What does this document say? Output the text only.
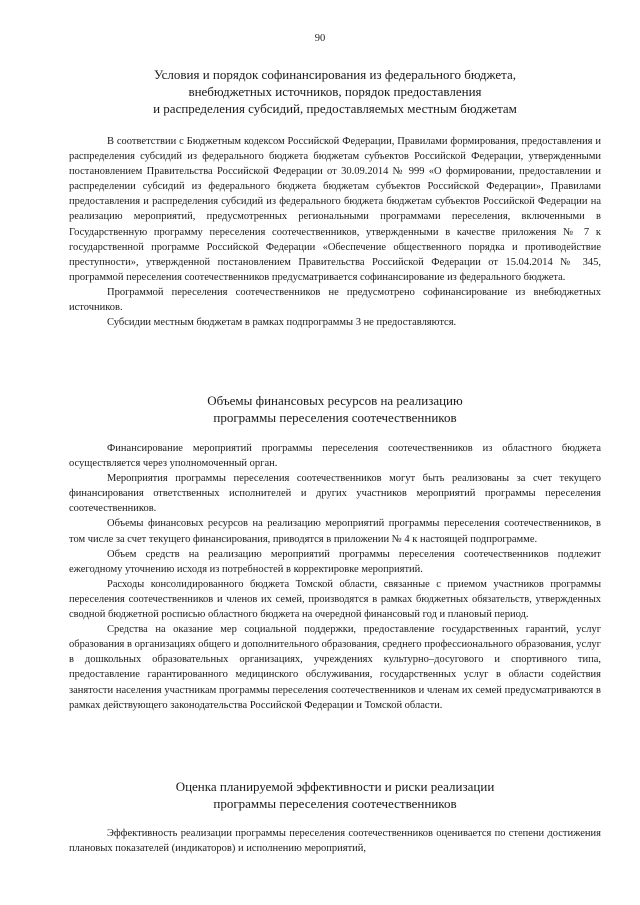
90
Условия и порядок софинансирования из федерального бюджета,
внебюджетных источников, порядок предоставления
и распределения субсидий, предоставляемых местным бюджетам

В соответствии с Бюджетным кодексом Российской Федерации, Правилами формирования, предоставления и распределения субсидий из федерального бюджета бюджетам субъектов Российской Федерации, утвержденными постановлением Правительства Российской Федерации от 30.09.2014 № 999 «О формировании, предоставлении и распределении субсидий из федерального бюджета бюджетам субъектов Российской Федерации», Правилами предоставления и распределения субсидий из федерального бюджета бюджетам субъектов Российской Федерации на реализацию мероприятий, предусмотренных региональными программами переселения, включенными в Государственную программу переселения соотечественников, утвержденными в качестве приложения № 7 к государственной программе Российской Федерации «Обеспечение общественного порядка и противодействие преступности», утвержденной постановлением Правительства Российской Федерации от 15.04.2014 № 345, программой переселения соотечественников предусматривается софинансирование из федерального бюджета.

Программой переселения соотечественников не предусмотрено софинансирование из внебюджетных источников.

Субсидии местным бюджетам в рамках подпрограммы 3 не предоставляются.

Объемы финансовых ресурсов на реализацию
программы переселения соотечественников

Финансирование мероприятий программы переселения соотечественников из областного бюджета осуществляется через уполномоченный орган.

Мероприятия программы переселения соотечественников могут быть реализованы за счет текущего финансирования ответственных исполнителей и других участников мероприятий программы переселения соотечественников.

Объемы финансовых ресурсов на реализацию мероприятий программы переселения соотечественников, в том числе за счет текущего финансирования, приводятся в приложении № 4 к настоящей подпрограмме.

Объем средств на реализацию мероприятий программы переселения соотечественников подлежит ежегодному уточнению исходя из потребностей в корректировке мероприятий.

Расходы консолидированного бюджета Томской области, связанные с приемом участников программы переселения соотечественников и членов их семей, производятся в рамках бюджетных обязательств, утвержденных сводной бюджетной росписью областного бюджета на очередной финансовый год и плановый период.

Средства на оказание мер социальной поддержки, предоставление государственных гарантий, услуг образования в организациях общего и дополнительного образования, среднего профессионального образования, услуг в дошкольных образовательных организациях, учреждениях культурно–досугового и спортивного типа, предоставление гарантированного медицинского обслуживания, государственных услуг в области содействия занятости населения участникам программы переселения соотечественников и членам их семей предусматриваются в рамках действующего законодательства Российской Федерации и Томской области.

Оценка планируемой эффективности и риски реализации
программы переселения соотечественников

Эффективность реализации программы переселения соотечественников оценивается по степени достижения плановых показателей (индикаторов) и исполнению мероприятий,
